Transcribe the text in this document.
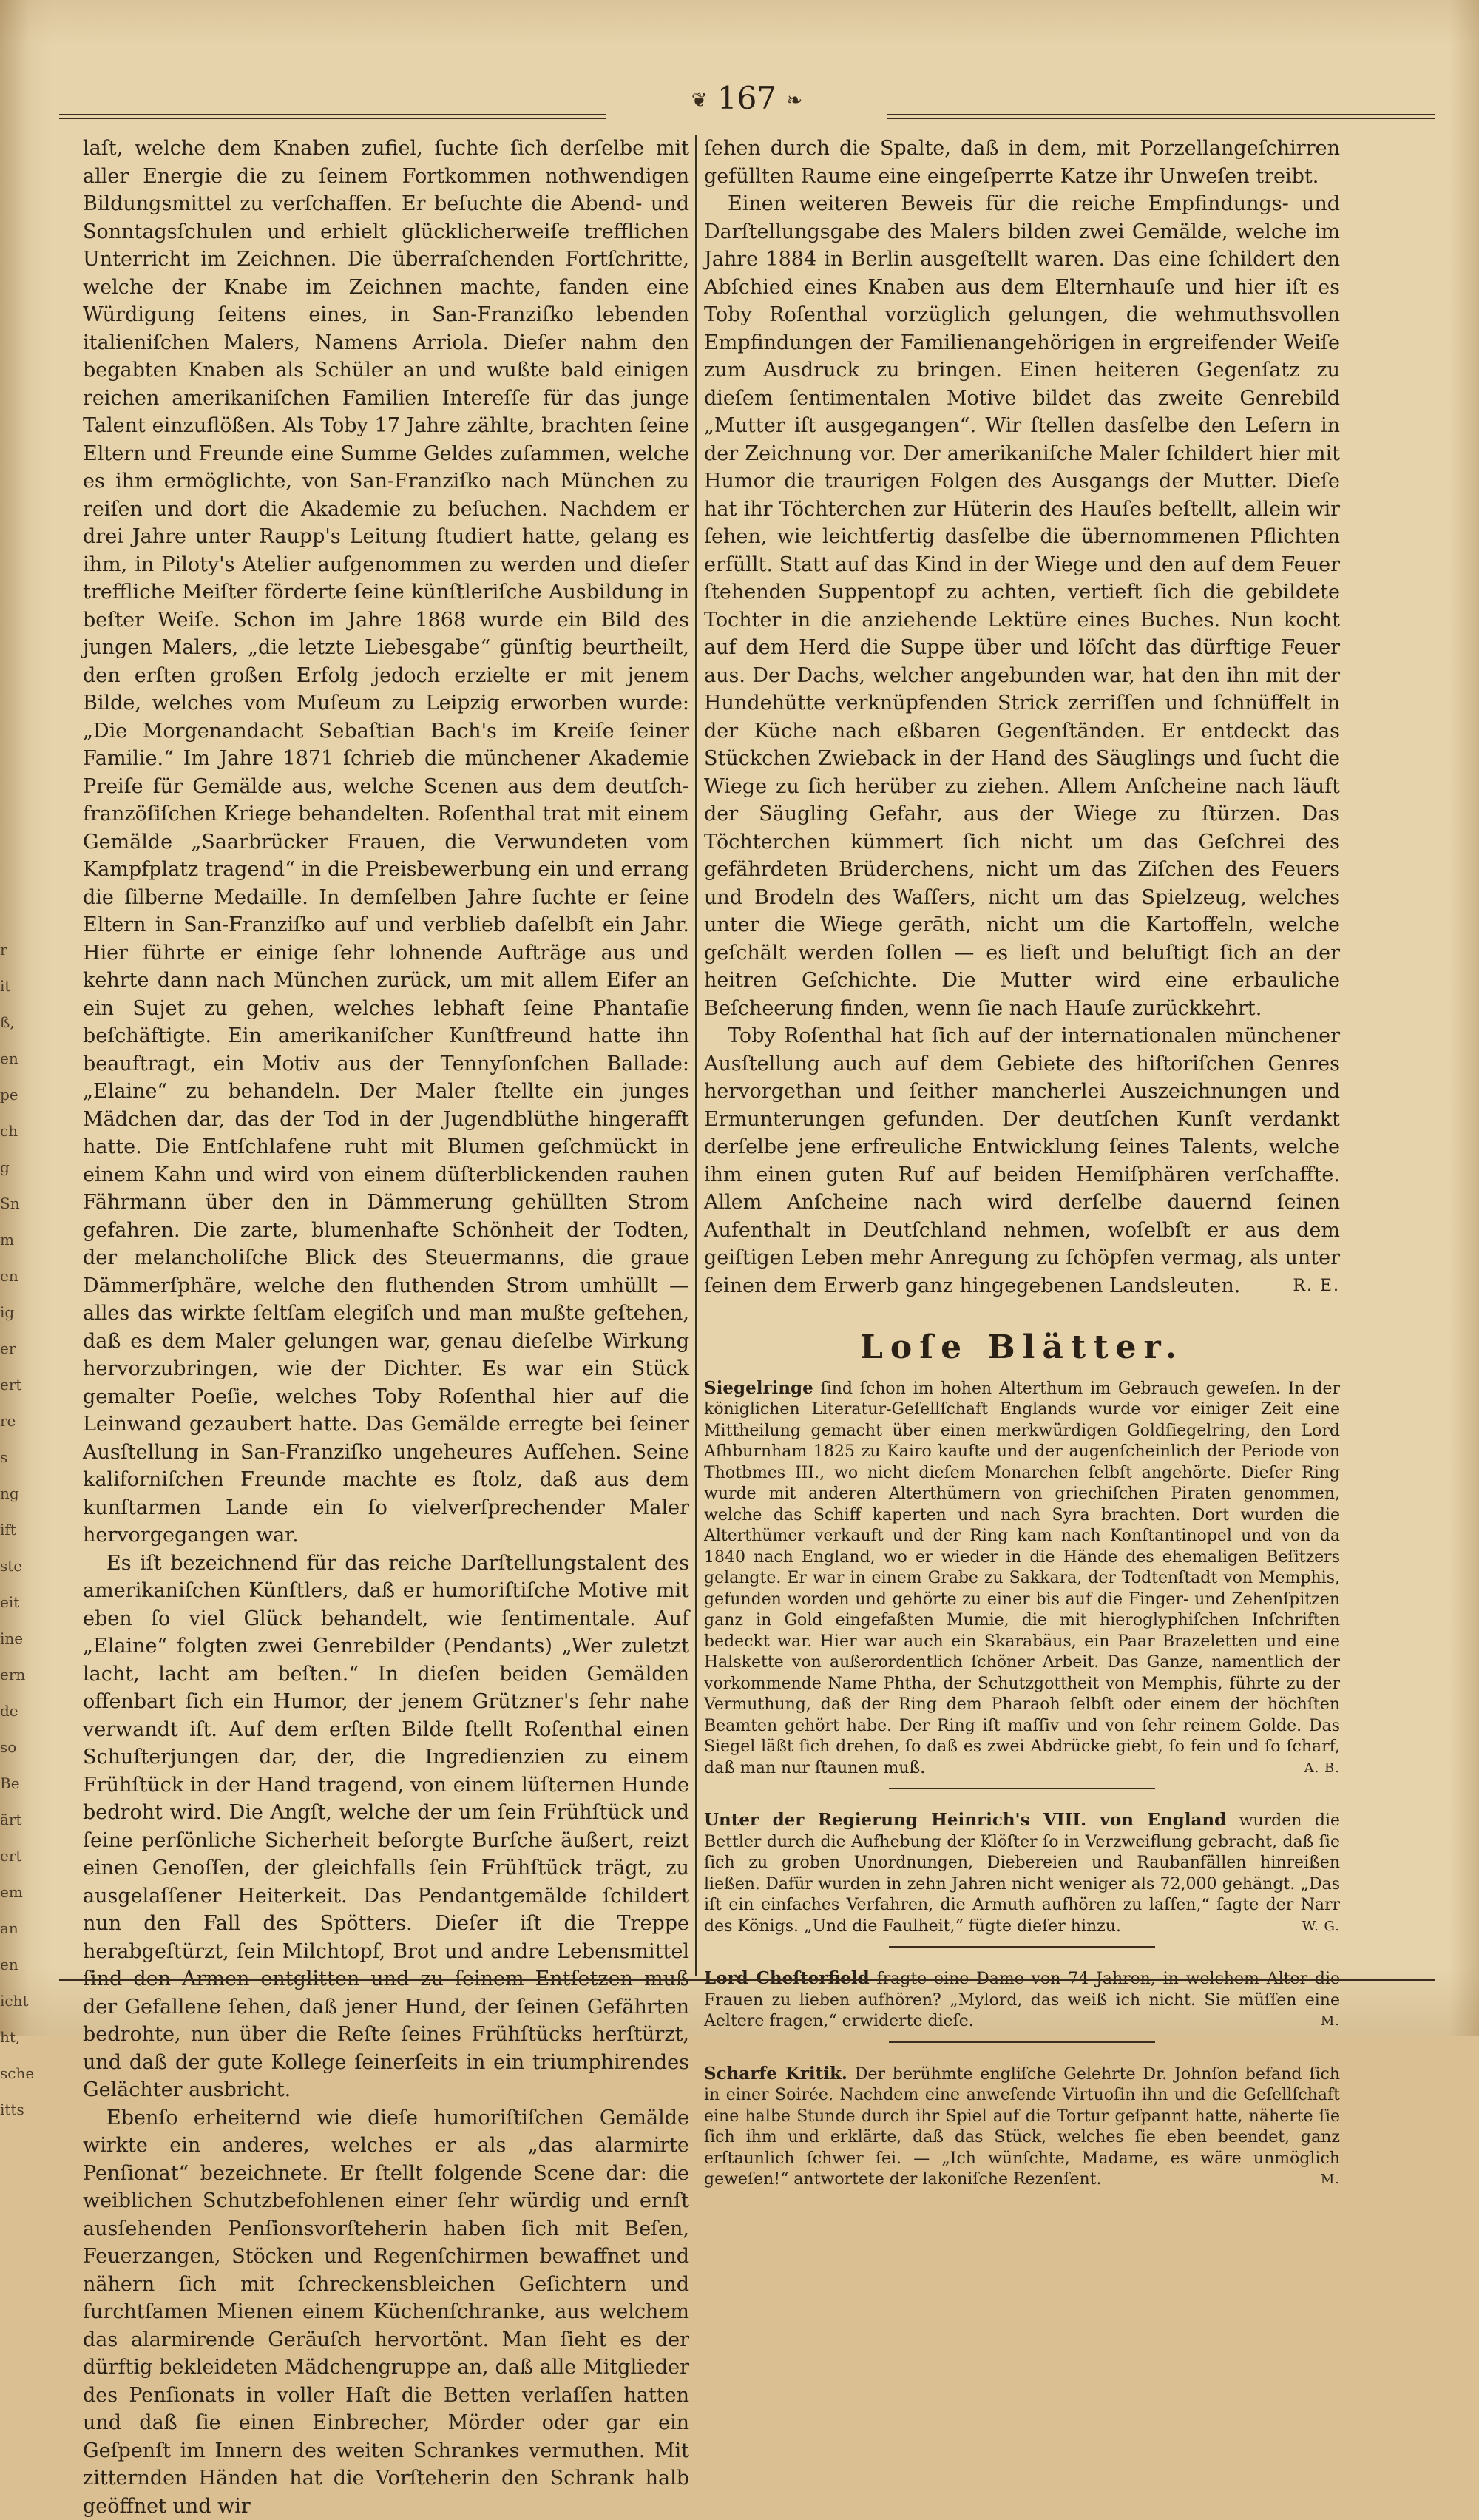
r
it
ß,
en
pe
ch
g
Sn
m
en
ig
er
ert
re
s
ng
ift
ste
eit
ine
ern
de
so
Be
ärt
ert
em
an
en
icht
ht,
sche
itts
❦ 167 ❧

laſt, welche dem Knaben zufiel, ſuchte ſich derſelbe mit aller Energie die zu ſeinem Fortkommen nothwendigen Bildungsmittel zu verſchaffen. Er beſuchte die Abend- und Sonntagsſchulen und erhielt glücklicherweiſe trefflichen Unterricht im Zeichnen. Die überraſchenden Fortſchritte, welche der Knabe im Zeichnen machte, fanden eine Würdigung ſeitens eines, in San-Franziſko lebenden italieniſchen Malers, Namens Arriola. Dieſer nahm den begabten Knaben als Schüler an und wußte bald einigen reichen amerikaniſchen Familien Intereſſe für das junge Talent einzuflößen. Als Toby 17 Jahre zählte, brachten ſeine Eltern und Freunde eine Summe Geldes zuſammen, welche es ihm ermöglichte, von San-Franziſko nach München zu reiſen und dort die Akademie zu beſuchen. Nachdem er drei Jahre unter Raupp's Leitung ſtudiert hatte, gelang es ihm, in Piloty's Atelier aufgenommen zu werden und dieſer treffliche Meiſter förderte ſeine künſtleriſche Ausbildung in beſter Weiſe. Schon im Jahre 1868 wurde ein Bild des jungen Malers, „die letzte Liebesgabe“ günſtig beurtheilt, den erſten großen Erfolg jedoch erzielte er mit jenem Bilde, welches vom Muſeum zu Leipzig erworben wurde: „Die Morgenandacht Sebaſtian Bach's im Kreiſe ſeiner Familie.“ Im Jahre 1871 ſchrieb die münchener Akademie Preiſe für Gemälde aus, welche Scenen aus dem deutſch-franzöſiſchen Kriege behandelten. Roſenthal trat mit einem Gemälde „Saarbrücker Frauen, die Verwundeten vom Kampfplatz tragend“ in die Preisbewerbung ein und errang die ſilberne Medaille. In demſelben Jahre ſuchte er ſeine Eltern in San-Franziſko auf und verblieb daſelbſt ein Jahr. Hier führte er einige ſehr lohnende Aufträge aus und kehrte dann nach München zurück, um mit allem Eifer an ein Sujet zu gehen, welches lebhaft ſeine Phantaſie beſchäftigte. Ein amerikaniſcher Kunſtfreund hatte ihn beauftragt, ein Motiv aus der Tennyſonſchen Ballade: „Elaine“ zu behandeln. Der Maler ſtellte ein junges Mädchen dar, das der Tod in der Jugendblüthe hingerafft hatte. Die Entſchlafene ruht mit Blumen geſchmückt in einem Kahn und wird von einem düſterblickenden rauhen Fährmann über den in Dämmerung gehüllten Strom gefahren. Die zarte, blumenhafte Schönheit der Todten, der melancholiſche Blick des Steuermanns, die graue Dämmerſphäre, welche den fluthenden Strom umhüllt — alles das wirkte ſeltſam elegiſch und man mußte geſtehen, daß es dem Maler gelungen war, genau dieſelbe Wirkung hervorzubringen, wie der Dichter. Es war ein Stück gemalter Poeſie, welches Toby Roſenthal hier auf die Leinwand gezaubert hatte. Das Gemälde erregte bei ſeiner Ausſtellung in San-Franziſko ungeheures Aufſehen. Seine kaliforniſchen Freunde machte es ſtolz, daß aus dem kunſtarmen Lande ein ſo vielverſprechender Maler hervorgegangen war.

Es iſt bezeichnend für das reiche Darſtellungstalent des amerikaniſchen Künſtlers, daß er humoriſtiſche Motive mit eben ſo viel Glück behandelt, wie ſentimentale. Auf „Elaine“ folgten zwei Genrebilder (Pendants) „Wer zuletzt lacht, lacht am beſten.“ In dieſen beiden Gemälden offenbart ſich ein Humor, der jenem Grützner's ſehr nahe verwandt iſt. Auf dem erſten Bilde ſtellt Roſenthal einen Schuſterjungen dar, der, die Ingredienzien zu einem Frühſtück in der Hand tragend, von einem lüſternen Hunde bedroht wird. Die Angſt, welche der um ſein Frühſtück und ſeine perſönliche Sicherheit beſorgte Burſche äußert, reizt einen Genoſſen, der gleichfalls ſein Frühſtück trägt, zu ausgelaſſener Heiterkeit. Das Pendantgemälde ſchildert nun den Fall des Spötters. Dieſer iſt die Treppe herabgeſtürzt, ſein Milchtopf, Brot und andre Lebensmittel ſind den Armen entglitten und zu ſeinem Entſetzen muß der Gefallene ſehen, daß jener Hund, der ſeinen Gefährten bedrohte, nun über die Reſte ſeines Frühſtücks herſtürzt, und daß der gute Kollege ſeinerſeits in ein triumphirendes Gelächter ausbricht.

Ebenſo erheiternd wie dieſe humoriſtiſchen Gemälde wirkte ein anderes, welches er als „das alarmirte Penſionat“ bezeichnete. Er ſtellt folgende Scene dar: die weiblichen Schutzbefohlenen einer ſehr würdig und ernſt ausſehenden Penſionsvorſteherin haben ſich mit Beſen, Feuerzangen, Stöcken und Regenſchirmen bewaffnet und nähern ſich mit ſchreckensbleichen Geſichtern und furchtſamen Mienen einem Küchenſchranke, aus welchem das alarmirende Geräuſch hervortönt. Man ſieht es der dürftig bekleideten Mädchengruppe an, daß alle Mitglieder des Penſionats in voller Haſt die Betten verlaſſen hatten und daß ſie einen Einbrecher, Mörder oder gar ein Geſpenſt im Innern des weiten Schrankes vermuthen. Mit zitternden Händen hat die Vorſteherin den Schrank halb geöffnet und wir

ſehen durch die Spalte, daß in dem, mit Porzellangeſchirren gefüllten Raume eine eingeſperrte Katze ihr Unweſen treibt.

Einen weiteren Beweis für die reiche Empfindungs- und Darſtellungsgabe des Malers bilden zwei Gemälde, welche im Jahre 1884 in Berlin ausgeſtellt waren. Das eine ſchildert den Abſchied eines Knaben aus dem Elternhauſe und hier iſt es Toby Roſenthal vorzüglich gelungen, die wehmuthsvollen Empfindungen der Familienangehörigen in ergreifender Weiſe zum Ausdruck zu bringen. Einen heiteren Gegenſatz zu dieſem ſentimentalen Motive bildet das zweite Genrebild „Mutter iſt ausgegangen“. Wir ſtellen dasſelbe den Leſern in der Zeichnung vor. Der amerikaniſche Maler ſchildert hier mit Humor die traurigen Folgen des Ausgangs der Mutter. Dieſe hat ihr Töchterchen zur Hüterin des Hauſes beſtellt, allein wir ſehen, wie leichtfertig dasſelbe die übernommenen Pflichten erfüllt. Statt auf das Kind in der Wiege und den auf dem Feuer ſtehenden Suppentopf zu achten, vertieft ſich die gebildete Tochter in die anziehende Lektüre eines Buches. Nun kocht auf dem Herd die Suppe über und löſcht das dürftige Feuer aus. Der Dachs, welcher angebunden war, hat den ihn mit der Hundehütte verknüpfenden Strick zerriſſen und ſchnüffelt in der Küche nach eßbaren Gegenſtänden. Er entdeckt das Stückchen Zwieback in der Hand des Säuglings und ſucht die Wiege zu ſich herüber zu ziehen. Allem Anſcheine nach läuft der Säugling Gefahr, aus der Wiege zu ſtürzen. Das Töchterchen kümmert ſich nicht um das Geſchrei des gefährdeten Brüderchens, nicht um das Ziſchen des Feuers und Brodeln des Waſſers, nicht um das Spielzeug, welches unter die Wiege gerāth, nicht um die Kartoffeln, welche geſchält werden ſollen — es lieſt und beluſtigt ſich an der heitren Geſchichte. Die Mutter wird eine erbauliche Beſcheerung finden, wenn ſie nach Hauſe zurückkehrt.

Toby Roſenthal hat ſich auf der internationalen münchener Ausſtellung auch auf dem Gebiete des hiſtoriſchen Genres hervorgethan und ſeither mancherlei Auszeichnungen und Ermunterungen gefunden. Der deutſchen Kunſt verdankt derſelbe jene erfreuliche Entwicklung ſeines Talents, welche ihm einen guten Ruf auf beiden Hemiſphären verſchaffte. Allem Anſcheine nach wird derſelbe dauernd ſeinen Aufenthalt in Deutſchland nehmen, woſelbſt er aus dem geiſtigen Leben mehr Anregung zu ſchöpfen vermag, als unter ſeinen dem Erwerb ganz hingegebenen Landsleuten.	R. E.

Loſe Blätter.

Siegelringe ſind ſchon im hohen Alterthum im Gebrauch geweſen. In der königlichen Literatur-Geſellſchaft Englands wurde vor einiger Zeit eine Mittheilung gemacht über einen merkwürdigen Goldſiegelring, den Lord Aſhburnham 1825 zu Kairo kaufte und der augenſcheinlich der Periode von Thotbmes III., wo nicht dieſem Monarchen ſelbſt angehörte. Dieſer Ring wurde mit anderen Alterthümern von griechiſchen Piraten genommen, welche das Schiff kaperten und nach Syra brachten. Dort wurden die Alterthümer verkauft und der Ring kam nach Konſtantinopel und von da 1840 nach England, wo er wieder in die Hände des ehemaligen Beſitzers gelangte. Er war in einem Grabe zu Sakkara, der Todtenſtadt von Memphis, gefunden worden und gehörte zu einer bis auf die Finger- und Zehenſpitzen ganz in Gold eingefaßten Mumie, die mit hieroglyphiſchen Inſchriften bedeckt war. Hier war auch ein Skarabäus, ein Paar Brazeletten und eine Halskette von außerordentlich ſchöner Arbeit. Das Ganze, namentlich der vorkommende Name Phtha, der Schutzgottheit von Memphis, führte zu der Vermuthung, daß der Ring dem Pharaoh ſelbſt oder einem der höchſten Beamten gehört habe. Der Ring iſt maſſiv und von ſehr reinem Golde. Das Siegel läßt ſich drehen, ſo daß es zwei Abdrücke giebt, ſo fein und ſo ſcharf, daß man nur ſtaunen muß.	A. B.

Unter der Regierung Heinrich's VIII. von England wurden die Bettler durch die Aufhebung der Klöſter ſo in Verzweiflung gebracht, daß ſie ſich zu groben Unordnungen, Diebereien und Raubanfällen hinreißen ließen. Dafür wurden in zehn Jahren nicht weniger als 72,000 gehängt. „Das iſt ein einfaches Verfahren, die Armuth aufhören zu laſſen,“ ſagte der Narr des Königs. „Und die Faulheit,“ fügte dieſer hinzu.	W. G.

Lord Cheſterfield fragte eine Dame von 74 Jahren, in welchem Alter die Frauen zu lieben aufhören? „Mylord, das weiß ich nicht. Sie müſſen eine Aeltere fragen,“ erwiderte dieſe.	M.

Scharfe Kritik. Der berühmte engliſche Gelehrte Dr. Johnſon befand ſich in einer Soirée. Nachdem eine anweſende Virtuoſin ihn und die Geſellſchaft eine halbe Stunde durch ihr Spiel auf die Tortur geſpannt hatte, näherte ſie ſich ihm und erklärte, daß das Stück, welches ſie eben beendet, ganz erſtaunlich ſchwer ſei. — „Ich wünſchte, Madame, es wäre unmöglich geweſen!“ antwortete der lakoniſche Rezenſent.	M.
